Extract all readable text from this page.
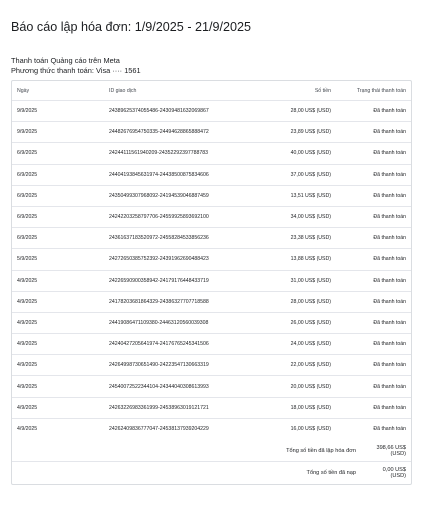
Báo cáo lập hóa đơn: 1/9/2025 - 21/9/2025
Thanh toán Quảng cáo trên Meta
Phương thức thanh toán: Visa ···· 1561
Ngày	ID giao dịch	Số tiền	Trạng thái thanh toán
9/9/2025	24389625374055486-24309481632069867	28,00 US$ (USD)	Đã thanh toán
9/9/2025	24482676954750335-24494628865888472	23,89 US$ (USD)	Đã thanh toán
6/9/2025	24244111561940209-24352292397788783	40,00 US$ (USD)	Đã thanh toán
6/9/2025	24404193845631974-24438500875834606	37,00 US$ (USD)	Đã thanh toán
6/9/2025	24350499307968092-24194539046887459	13,51 US$ (USD)	Đã thanh toán
6/9/2025	24242203258797706-24559925893692100	34,00 US$ (USD)	Đã thanh toán
6/9/2025	24361637183520972-24558284533856236	23,38 US$ (USD)	Đã thanh toán
5/9/2025	24272650385752392-24391962690488423	13,88 US$ (USD)	Đã thanh toán
4/9/2025	24226590900358942-24179176448433719	31,00 US$ (USD)	Đã thanh toán
4/9/2025	24178203681864329-24386327707718588	28,00 US$ (USD)	Đã thanh toán
4/9/2025	24419086471109380-24463120560039308	26,00 US$ (USD)	Đã thanh toán
4/9/2025	24240427205641974-24176765245341506	24,00 US$ (USD)	Đã thanh toán
4/9/2025	24264998730651490-24223547130663319	22,00 US$ (USD)	Đã thanh toán
4/9/2025	24540072522344104-24344040308613993	20,00 US$ (USD)	Đã thanh toán
4/9/2025	24263226983361999-24538963019121721	18,00 US$ (USD)	Đã thanh toán
4/9/2025	24262409836777047-24538137939204229	16,00 US$ (USD)	Đã thanh toán
Tổng số tiền đã lập hóa đơn	398,66 US$ (USD)
Tổng số tiền đã nạp	0,00 US$ (USD)
